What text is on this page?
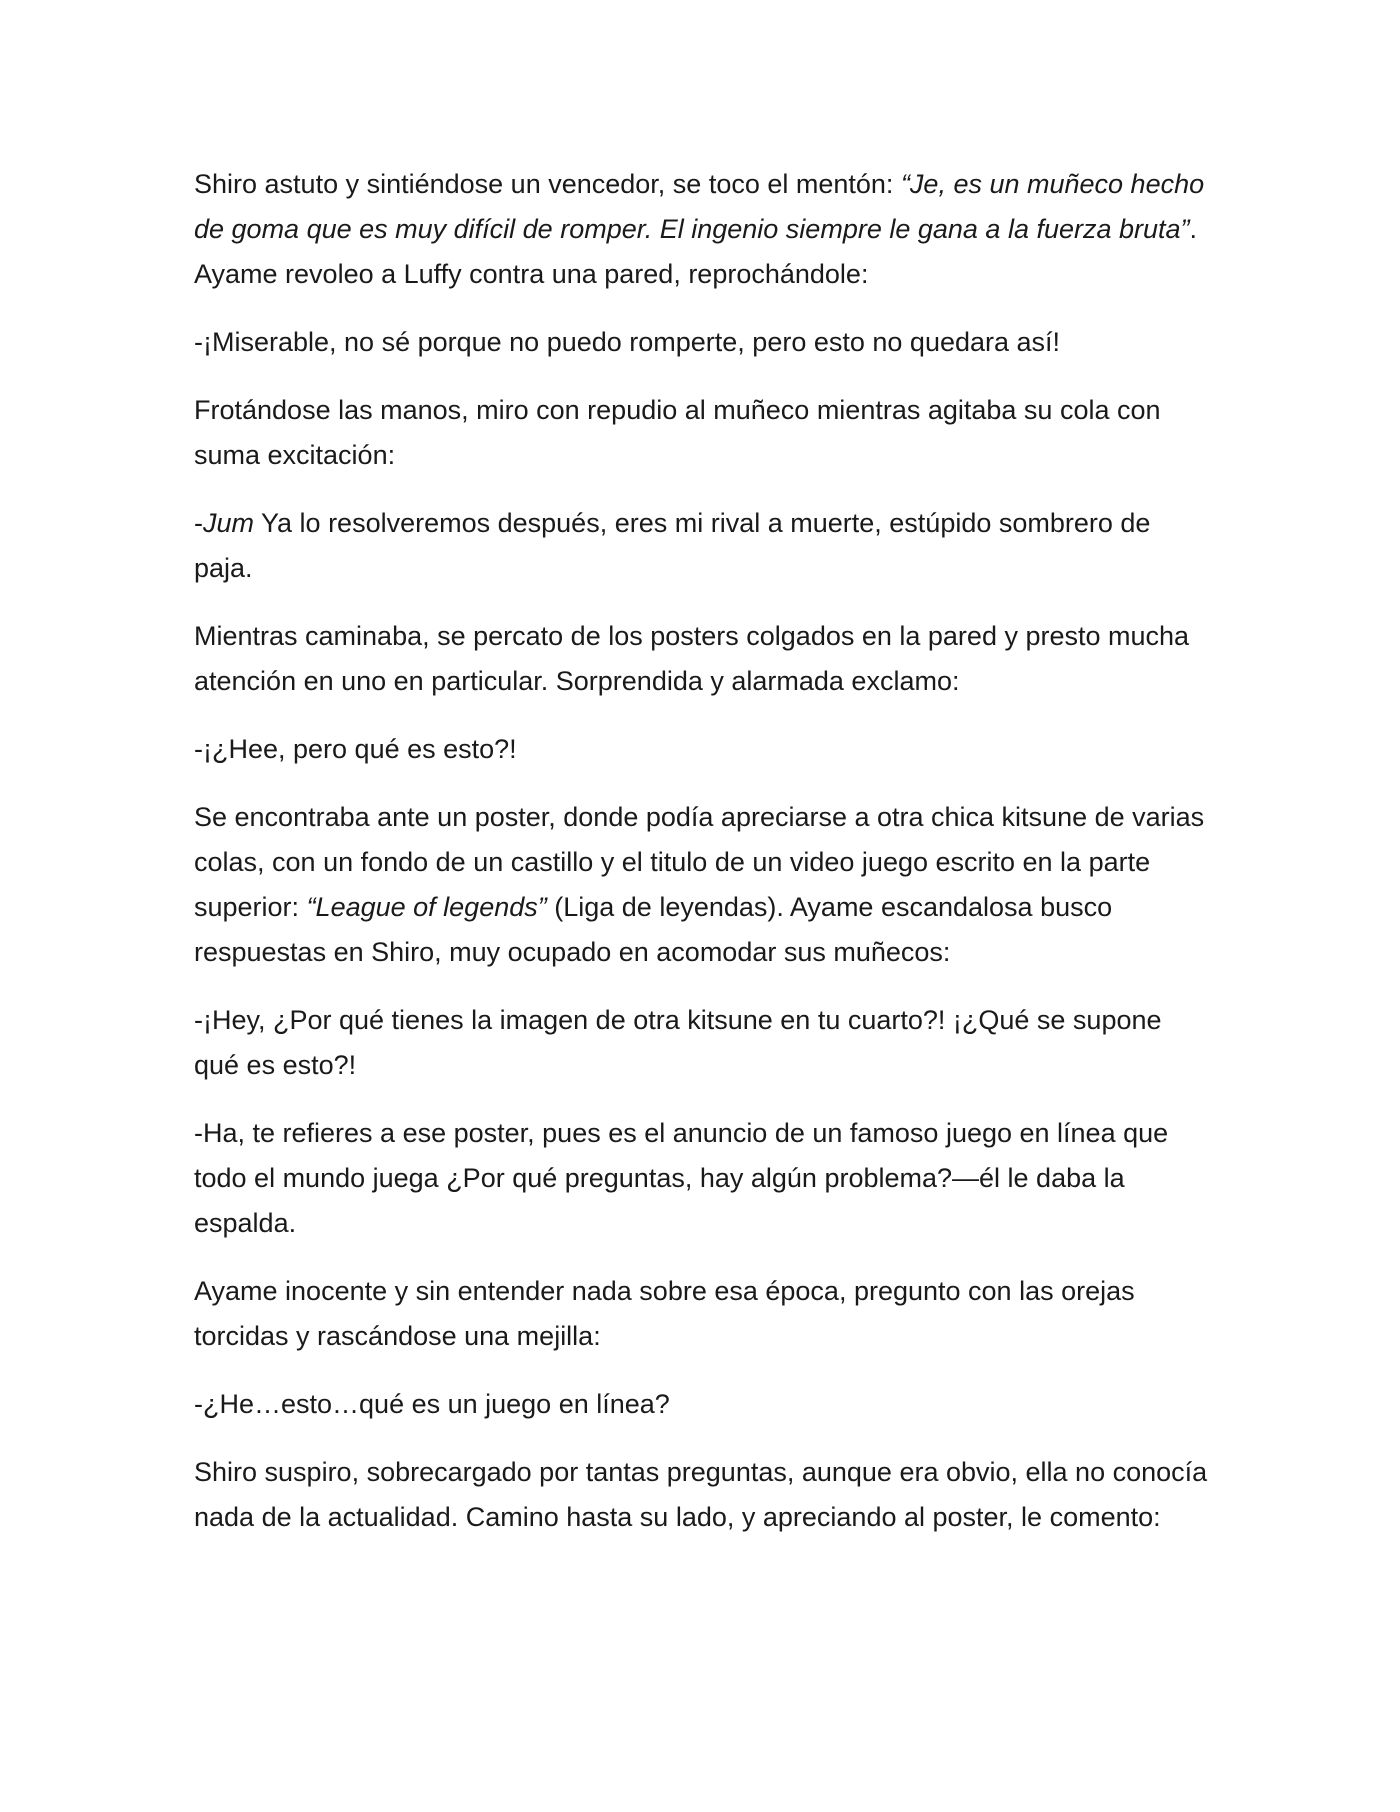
Shiro astuto y sintiéndose un vencedor, se toco el mentón: “Je, es un muñeco hecho de goma que es muy difícil de romper. El ingenio siempre le gana a la fuerza bruta”. Ayame revoleo a Luffy contra una pared, reprochándole:

-¡Miserable, no sé porque no puedo romperte, pero esto no quedara así!

Frotándose las manos, miro con repudio al muñeco mientras agitaba su cola con suma excitación:

-Jum Ya lo resolveremos después, eres mi rival a muerte, estúpido sombrero de paja.

Mientras caminaba, se percato de los posters colgados en la pared y presto mucha atención en uno en particular. Sorprendida y alarmada exclamo:

-¡¿Hee, pero qué es esto?!

Se encontraba ante un poster, donde podía apreciarse a otra chica kitsune de varias colas, con un fondo de un castillo y el titulo de un video juego escrito en la parte superior: “League of legends” (Liga de leyendas). Ayame escandalosa busco respuestas en Shiro, muy ocupado en acomodar sus muñecos:

-¡Hey, ¿Por qué tienes la imagen de otra kitsune en tu cuarto?! ¡¿Qué se supone qué es esto?!

-Ha, te refieres a ese poster, pues es el anuncio de un famoso juego en línea que todo el mundo juega ¿Por qué preguntas, hay algún problema?—él le daba la espalda.

Ayame inocente y sin entender nada sobre esa época, pregunto con las orejas torcidas y rascándose una mejilla:

-¿He…esto…qué es un juego en línea?

Shiro suspiro, sobrecargado por tantas preguntas, aunque era obvio, ella no conocía nada de la actualidad. Camino hasta su lado, y apreciando al poster, le comento:
